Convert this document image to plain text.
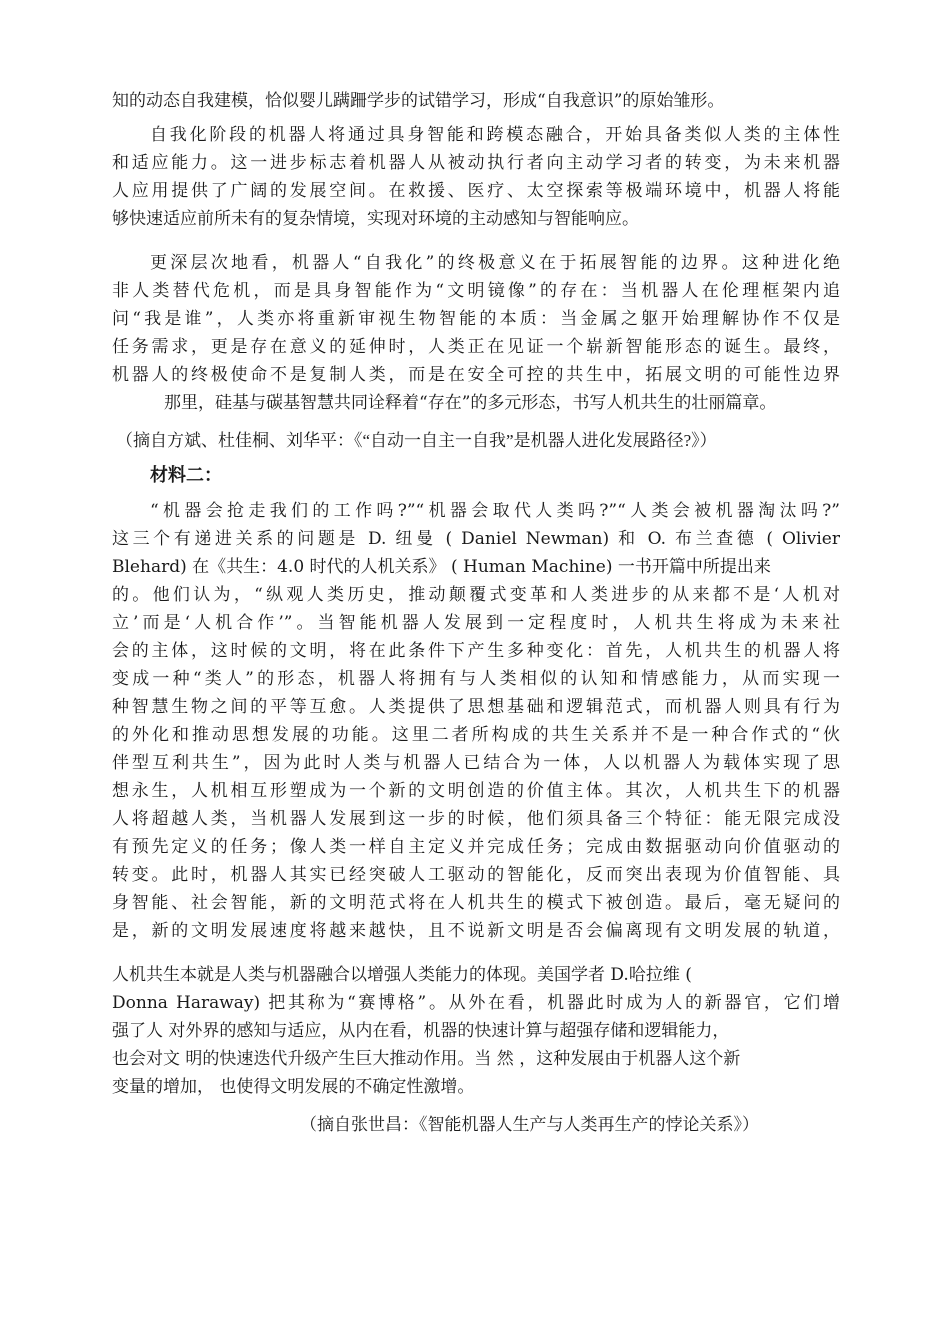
知的动态自我建模，恰似婴儿蹒跚学步的试错学习，形成“自我意识”的原始雏形。
自我化阶段的机器人将通过具身智能和跨模态融合，开始具备类似人类的主体性
和适应能力。这一进步标志着机器人从被动执行者向主动学习者的转变，为未来机器
人应用提供了广阔的发展空间。在救援、医疗、太空探索等极端环境中，机器人将能
够快速适应前所未有的复杂情境，实现对环境的主动感知与智能响应。
更深层次地看，机器人“自我化”的终极意义在于拓展智能的边界。这种进化绝
非人类替代危机，而是具身智能作为“文明镜像”的存在：当机器人在伦理框架内追
问“我是谁”，人类亦将重新审视生物智能的本质：当金属之躯开始理解协作不仅是
任务需求，更是存在意义的延伸时，人类正在见证一个崭新智能形态的诞生。最终，
机器人的终极使命不是复制人类，而是在安全可控的共生中，拓展文明的可能性边界
那里，硅基与碳基智慧共同诠释着“存在”的多元形态，书写人机共生的壮丽篇章。
（摘自方斌、杜佳桐、刘华平：《“自动一自主一自我”是机器人进化发展路径?》）
材料二：
“机器会抢走我们的工作吗?”“机器会取代人类吗?”“人类会被机器淘汰吗?”
这三个有递进关系的问题是 D. 纽曼 ( Daniel Newman) 和 O. 布兰查德 ( Olivier
Blehard) 在《共生：4.0 时代的人机关系》 ( Human Machine) 一书开篇中所提出来
的。他们认为，“纵观人类历史，推动颠覆式变革和人类进步的从来都不是‘人机对
立’而是‘人机合作’”。当智能机器人发展到一定程度时，人机共生将成为未来社
会的主体，这时候的文明，将在此条件下产生多种变化：首先，人机共生的机器人将
变成一种“类人”的形态，机器人将拥有与人类相似的认知和情感能力，从而实现一
种智慧生物之间的平等互愈。人类提供了思想基础和逻辑范式，而机器人则具有行为
的外化和推动思想发展的功能。这里二者所构成的共生关系并不是一种合作式的“伙
伴型互利共生”，因为此时人类与机器人已结合为一体，人以机器人为载体实现了思
想永生，人机相互形塑成为一个新的文明创造的价值主体。其次，人机共生下的机器
人将超越人类，当机器人发展到这一步的时候，他们须具备三个特征：能无限完成没
有预先定义的任务；像人类一样自主定义并完成任务；完成由数据驱动向价值驱动的
转变。此时，机器人其实已经突破人工驱动的智能化，反而突出表现为价值智能、具
身智能、社会智能，新的文明范式将在人机共生的模式下被创造。最后，毫无疑问的
是，新的文明发展速度将越来越快，且不说新文明是否会偏离现有文明发展的轨道，
人机共生本就是人类与机器融合以增强人类能力的体现。美国学者 D.哈拉维 (
Donna Haraway) 把其称为“赛博格”。从外在看，机器此时成为人的新器官，它们增
强了人 对外界的感知与适应，从内在看，机器的快速计算与超强存储和逻辑能力，
也会对文 明的快速迭代升级产生巨大推动作用。当 然 ，这种发展由于机器人这个新
变量的增加， 也使得文明发展的不确定性激增。
（摘自张世昌：《智能机器人生产与人类再生产的悖论关系》）
